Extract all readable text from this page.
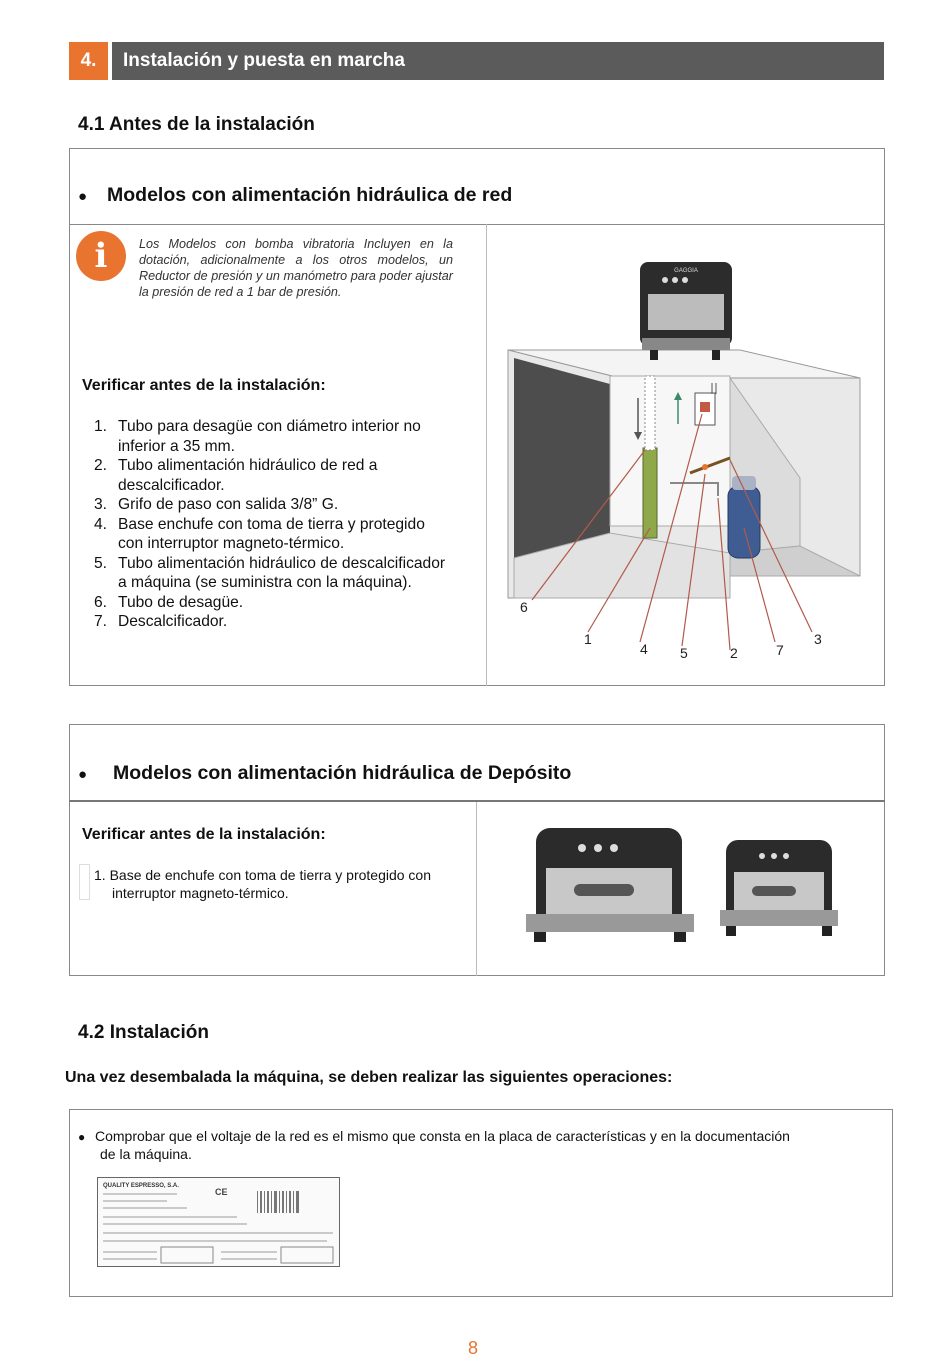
4.	Instalación y puesta en marcha
4.1 Antes de la instalación
● Modelos con alimentación hidráulica de red
i	Los Modelos con bomba vibratoria Incluyen en la dotación, adicionalmente a los otros modelos, un Reductor de presión y un manómetro para poder ajustar la presión de red a 1 bar de presión.
Verificar antes de la instalación:
1. Tubo para desagüe con diámetro interior no
inferior a 35 mm.
2. Tubo alimentación hidráulico de red a
descalcificador.
3. Grifo de paso con salida 3/8” G.
4. Base enchufe con toma de tierra y protegido
con interruptor magneto-térmico.
5. Tubo alimentación hidráulico de descalcificador
a máquina (se suministra con la máquina).
6. Tubo de desagüe.
7. Descalcificador.
GAGGIA
6
1
4 5	2	7
3
● Modelos con alimentación hidráulica de Depósito
Verificar antes de la instalación:
1. Base de enchufe con toma de tierra y protegido con
interruptor magneto-térmico.
4.2 Instalación
Una vez desembalada la máquina, se deben realizar las siguientes operaciones:
● Comprobar que el voltaje de la red es el mismo que consta en la placa de características y en la documentación
de la máquina.
QUALITY ESPRESSO, S.A.
CE
8
